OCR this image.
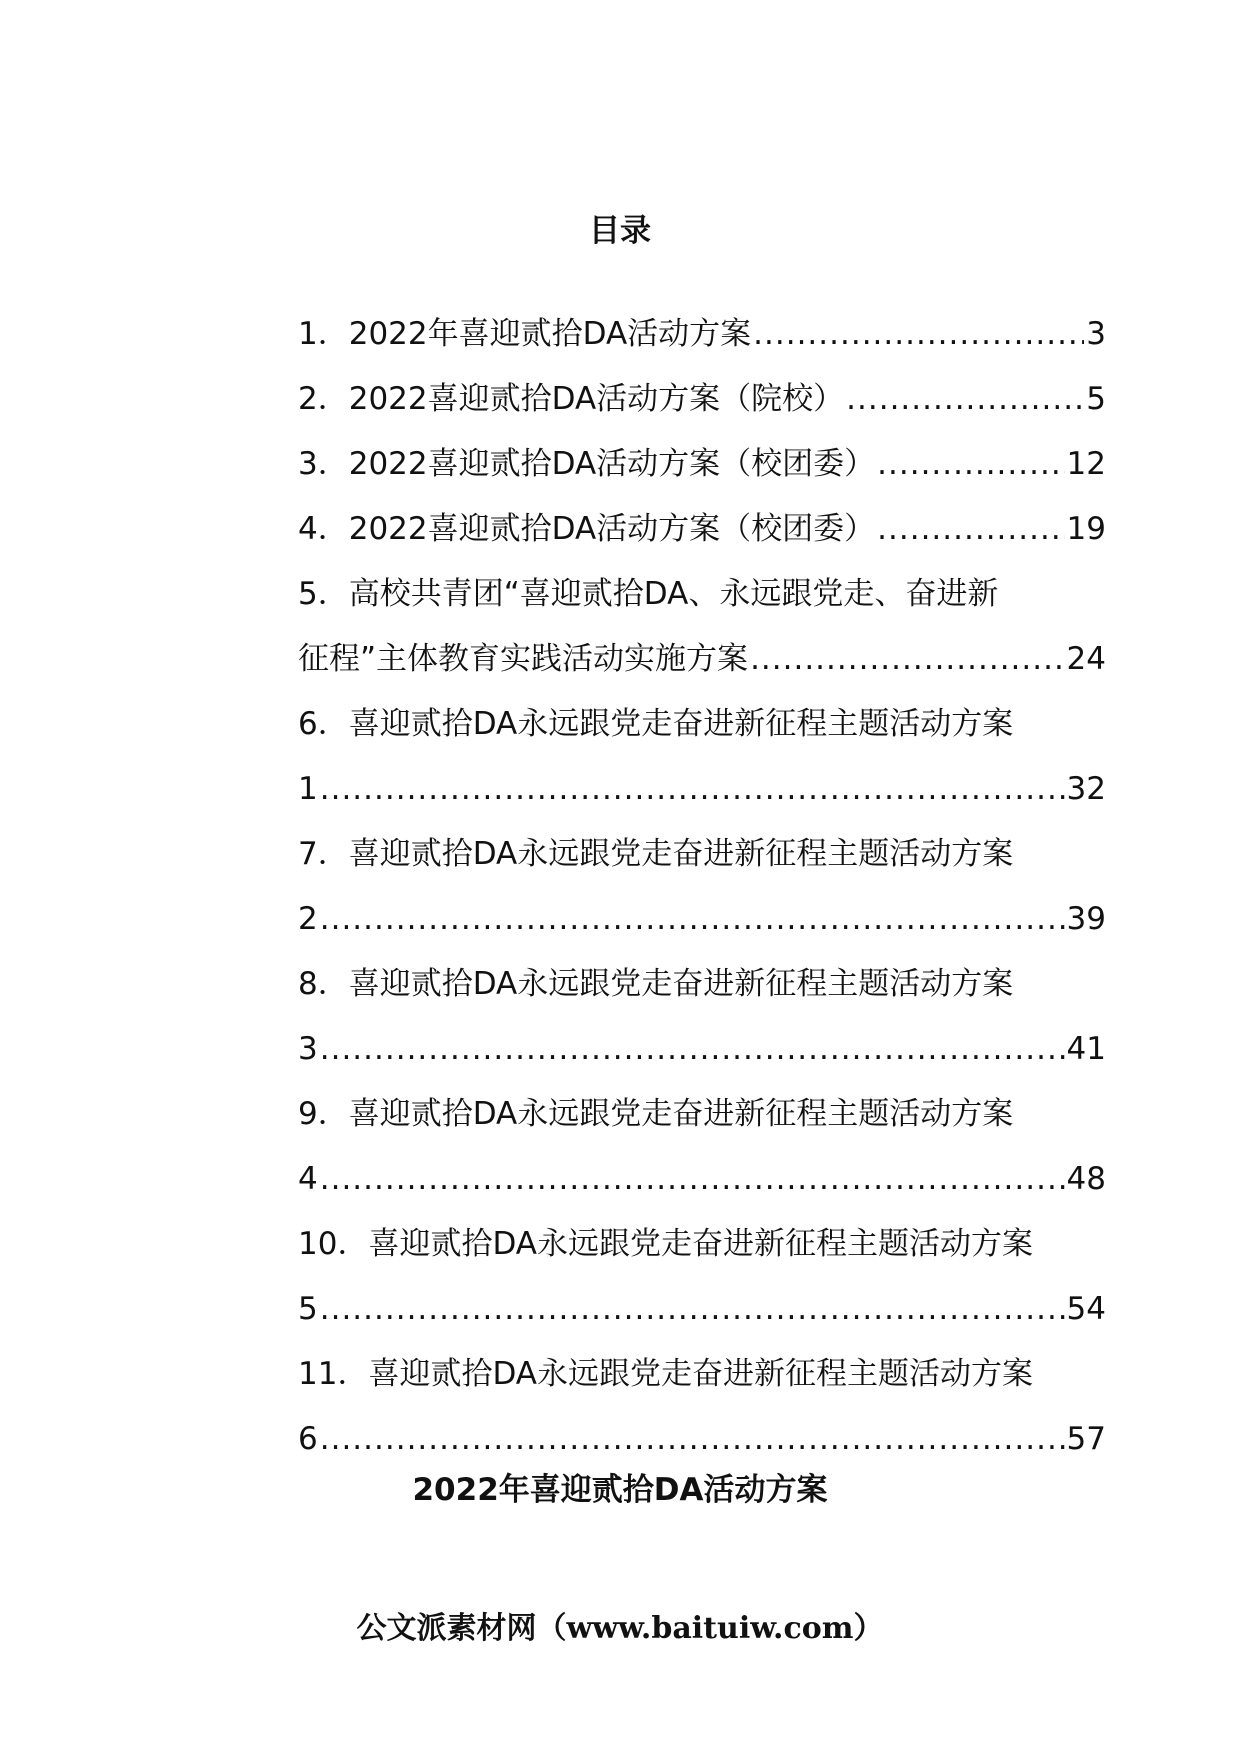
目录
1．2022年喜迎贰拾DA活动方案 .....	3
2．2022喜迎贰拾DA活动方案（院校） .....	5
3．2022喜迎贰拾DA活动方案（校团委） .....	12
4．2022喜迎贰拾DA活动方案（校团委） .....	19
5．高校共青团“喜迎贰拾DA、永远跟党走、奋进新
征程”主体教育实践活动实施方案 .....	24
6．喜迎贰拾DA永远跟党走奋进新征程主题活动方案
1 .....	32
7．喜迎贰拾DA永远跟党走奋进新征程主题活动方案
2 .....	39
8．喜迎贰拾DA永远跟党走奋进新征程主题活动方案
3 .....	41
9．喜迎贰拾DA永远跟党走奋进新征程主题活动方案
4 .....	48
10．喜迎贰拾DA永远跟党走奋进新征程主题活动方案
5 .....	54
11．喜迎贰拾DA永远跟党走奋进新征程主题活动方案
6 .....	57
2022年喜迎贰拾DA活动方案
公文派素材网（www.baituiw.com）
